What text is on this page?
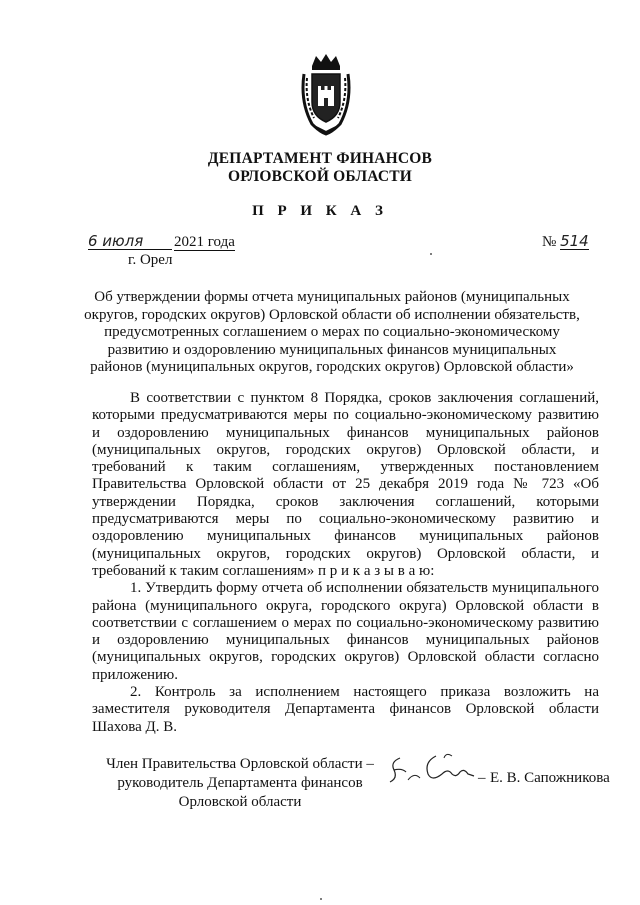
ДЕПАРТАМЕНТ ФИНАНСОВ
ОРЛОВСКОЙ ОБЛАСТИ
П Р И К А З
6 июля 2021 года	№ 514
г. Орел
Об утверждении формы отчета муниципальных районов (муниципальных округов, городских округов) Орловской области об исполнении обязательств, предусмотренных соглашением о мерах по социально-экономическому развитию и оздоровлению муниципальных финансов муниципальных районов (муниципальных округов, городских округов) Орловской области»

В соответствии с пунктом 8 Порядка, сроков заключения соглашений, которыми предусматриваются меры по социально-экономическому развитию и оздоровлению муниципальных финансов муниципальных районов (муниципальных округов, городских округов) Орловской области, и требований к таким соглашениям, утвержденных постановлением Правительства Орловской области от 25 декабря 2019 года № 723 «Об утверждении Порядка, сроков заключения соглашений, которыми предусматриваются меры по социально-экономическому развитию и оздоровлению муниципальных финансов муниципальных районов (муниципальных округов, городских округов) Орловской области, и требований к таким соглашениям» п р и к а з ы в а ю:

1. Утвердить форму отчета об исполнении обязательств муниципального района (муниципального округа, городского округа) Орловской области в соответствии с соглашением о мерах по социально-экономическому развитию и оздоровлению муниципальных финансов муниципальных районов (муниципальных округов, городских округов) Орловской области согласно приложению.

2. Контроль за исполнением настоящего приказа возложить на заместителя руководителя Департамента финансов Орловской области Шахова Д. В.

Член Правительства Орловской области –
руководитель Департамента финансов
Орловской области
– Е. В. Сапожникова
